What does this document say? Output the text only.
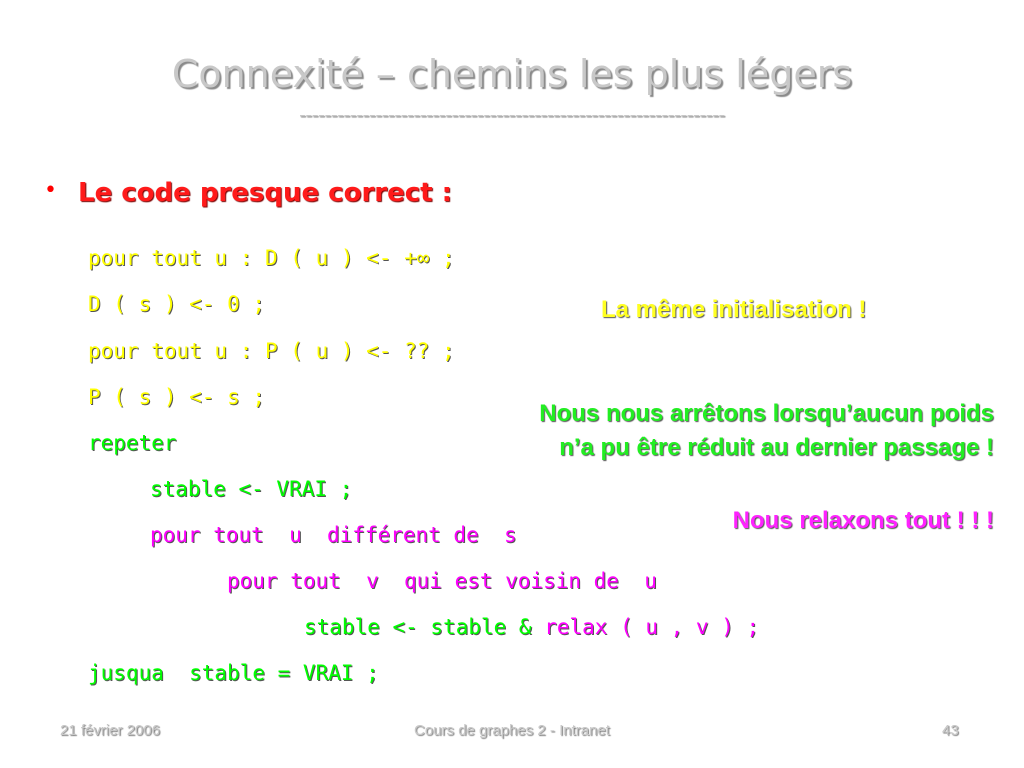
Connexité – chemins les plus légers
-------------------------------------------------------------------
• Le code presque correct :
pour tout u : D ( u ) <- +∞ ;
D ( s ) <- 0 ;
pour tout u : P ( u ) <- ?? ;
P ( s ) <- s ;
repeter
stable <- VRAI ;
pour tout  u  différent de  s
pour tout  v  qui est voisin de  u
stable <- stable & relax ( u , v ) ;
jusqua  stable = VRAI ;
La même initialisation !
Nous nous arrêtons lorsqu’aucun poids
n’a pu être réduit au dernier passage !
Nous relaxons tout ! ! !
21 février 2006	Cours de graphes 2 - Intranet	43
